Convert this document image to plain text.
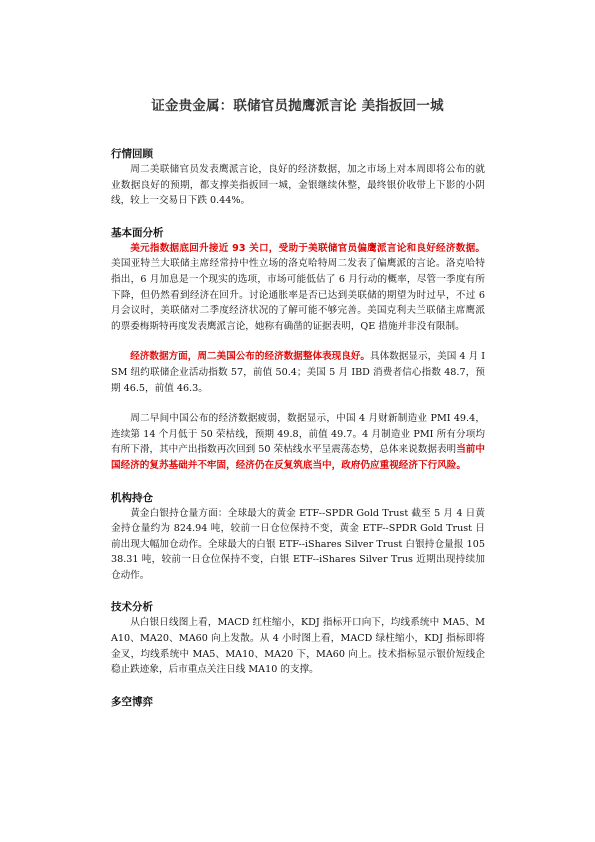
证金贵金属：联储官员抛鹰派言论 美指扳回一城

行情回顾

周二美联储官员发表鹰派言论，良好的经济数据，加之市场上对本周即将公布的就业数据良好的预期，都支撑美指扳回一城，金银继续休整，最终银价收带上下影的小阴线，较上一交易日下跌 0.44%。

基本面分析

美元指数据底回升接近 93 关口，受助于美联储官员偏鹰派言论和良好经济数据。美国亚特兰大联储主席经常持中性立场的洛克哈特周二发表了偏鹰派的言论。洛克哈特指出，6 月加息是一个现实的选项，市场可能低估了 6 月行动的概率，尽管一季度有所下降，但仍然看到经济在回升。讨论通胀率是否已达到美联储的期望为时过早，不过 6 月会议时，美联储对二季度经济状况的了解可能不够完善。美国克利夫兰联储主席鹰派的票委梅斯特再度发表鹰派言论，她称有确凿的证据表明，QE 措施并非没有限制。

经济数据方面，周二美国公布的经济数据整体表现良好。具体数据显示，美国 4 月 ISM 纽约联储企业活动指数 57，前值 50.4；美国 5 月 IBD 消费者信心指数 48.7，预期 46.5，前值 46.3。

周二早间中国公布的经济数据疲弱，数据显示，中国 4 月财新制造业 PMI 49.4，连续第 14 个月低于 50 荣枯线，预期 49.8，前值 49.7。4 月制造业 PMI 所有分项均有所下滑，其中产出指数再次回到 50 荣枯线水平呈震荡态势，总体来说数据表明当前中国经济的复苏基础并不牢固，经济仍在反复筑底当中，政府仍应重视经济下行风险。

机构持仓

黄金白银持仓量方面：全球最大的黄金 ETF--SPDR Gold Trust 截至 5 月 4 日黄金持仓量约为 824.94 吨，较前一日仓位保持不变，黄金 ETF--SPDR Gold Trust 日前出现大幅加仓动作。全球最大的白银 ETF--iShares Silver Trust 白银持仓量报 10538.31 吨，较前一日仓位保持不变，白银 ETF--iShares Silver Trus 近期出现持续加仓动作。

技术分析

从白银日线图上看，MACD 红柱缩小，KDJ 指标开口向下，均线系统中 MA5、MA10、MA20、MA60 向上发散。从 4 小时图上看，MACD 绿柱缩小，KDJ 指标即将金叉，均线系统中 MA5、MA10、MA20 下，MA60 向上。技术指标显示银价短线企稳止跌迹象，后市重点关注日线 MA10 的支撑。

多空博弈
